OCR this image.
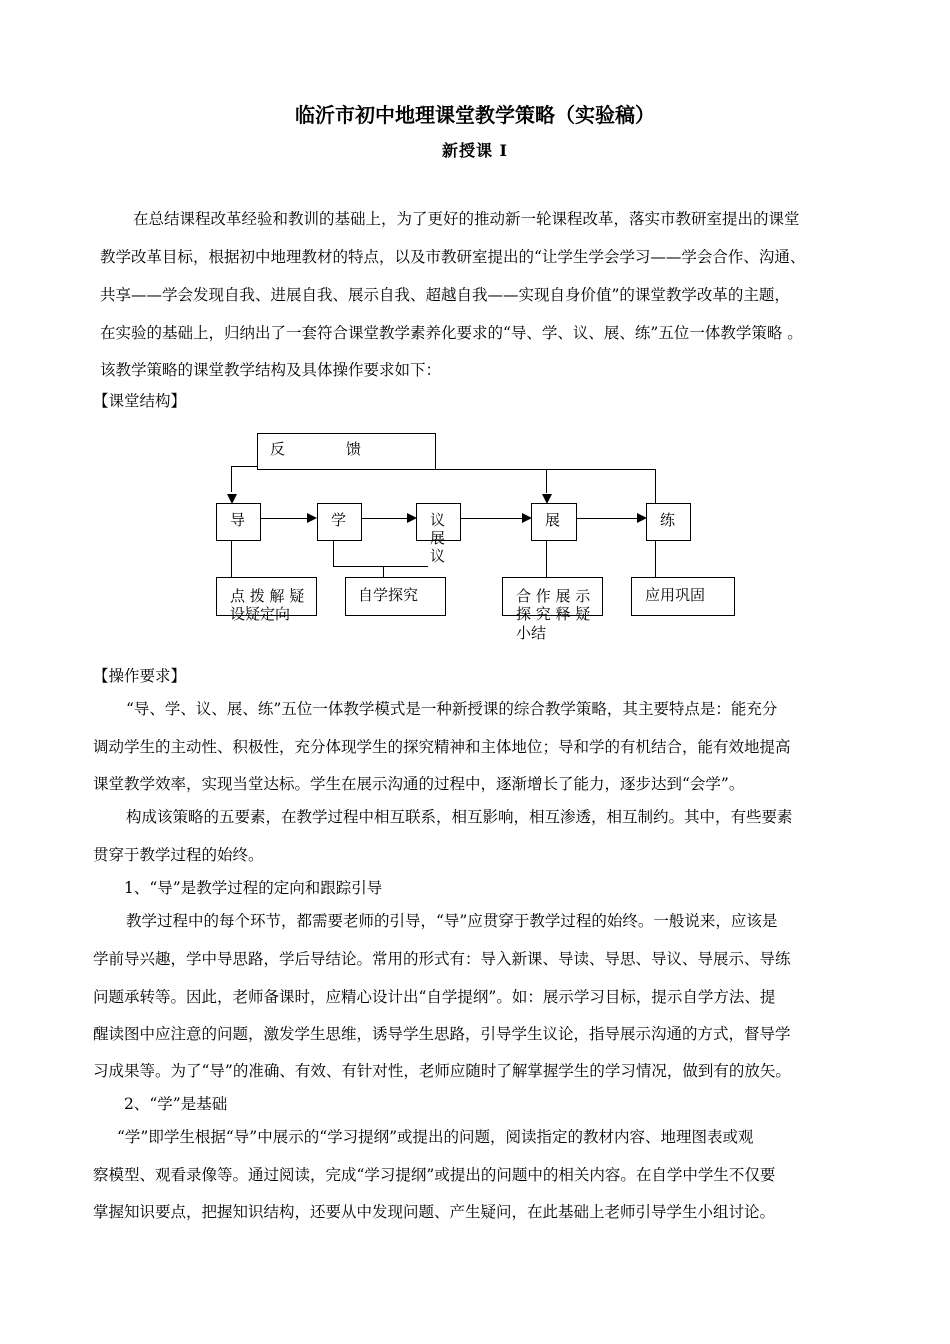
临沂市初中地理课堂教学策略（实验稿）
新授课 I
在总结课程改革经验和教训的基础上，为了更好的推动新一轮课程改革，落实市教研室提出的课堂
教学改革目标，根据初中地理教材的特点，以及市教研室提出的“让学生学会学习——学会合作、沟通、
共享——学会发现自我、进展自我、展示自我、超越自我——实现自身价值”的课堂教学改革的主题，
在实验的基础上，归纳出了一套符合课堂教学素养化要求的“导、学、议、展、练”五位一体教学策略 。
该教学策略的课堂教学结构及具体操作要求如下：
【课堂结构】
反	馈
导	学	议
展
议
展	练
点 拨 解 疑
设疑定向
自学探究	合 作 展 示
探 究 释 疑
小结
应用巩固
【操作要求】
“导、学、议、展、练”五位一体教学模式是一种新授课的综合教学策略，其主要特点是：能充分
调动学生的主动性、积极性，充分体现学生的探究精神和主体地位；导和学的有机结合，能有效地提高
课堂教学效率，实现当堂达标。学生在展示沟通的过程中，逐渐增长了能力，逐步达到“会学”。
构成该策略的五要素，在教学过程中相互联系，相互影响，相互渗透，相互制约。其中，有些要素
贯穿于教学过程的始终。
1、“导”是教学过程的定向和跟踪引导
教学过程中的每个环节，都需要老师的引导，“导”应贯穿于教学过程的始终。一般说来，应该是
学前导兴趣，学中导思路，学后导结论。常用的形式有：导入新课、导读、导思、导议、导展示、导练
问题承转等。因此，老师备课时，应精心设计出“自学提纲”。如：展示学习目标，提示自学方法、提
醒读图中应注意的问题，激发学生思维，诱导学生思路，引导学生议论，指导展示沟通的方式，督导学
习成果等。为了“导”的准确、有效、有针对性，老师应随时了解掌握学生的学习情况，做到有的放矢。
2、“学”是基础
“学”即学生根据“导”中展示的“学习提纲”或提出的问题，阅读指定的教材内容、地理图表或观
察模型、观看录像等。通过阅读，完成“学习提纲”或提出的问题中的相关内容。在自学中学生不仅要
掌握知识要点，把握知识结构，还要从中发现问题、产生疑问，在此基础上老师引导学生小组讨论。
